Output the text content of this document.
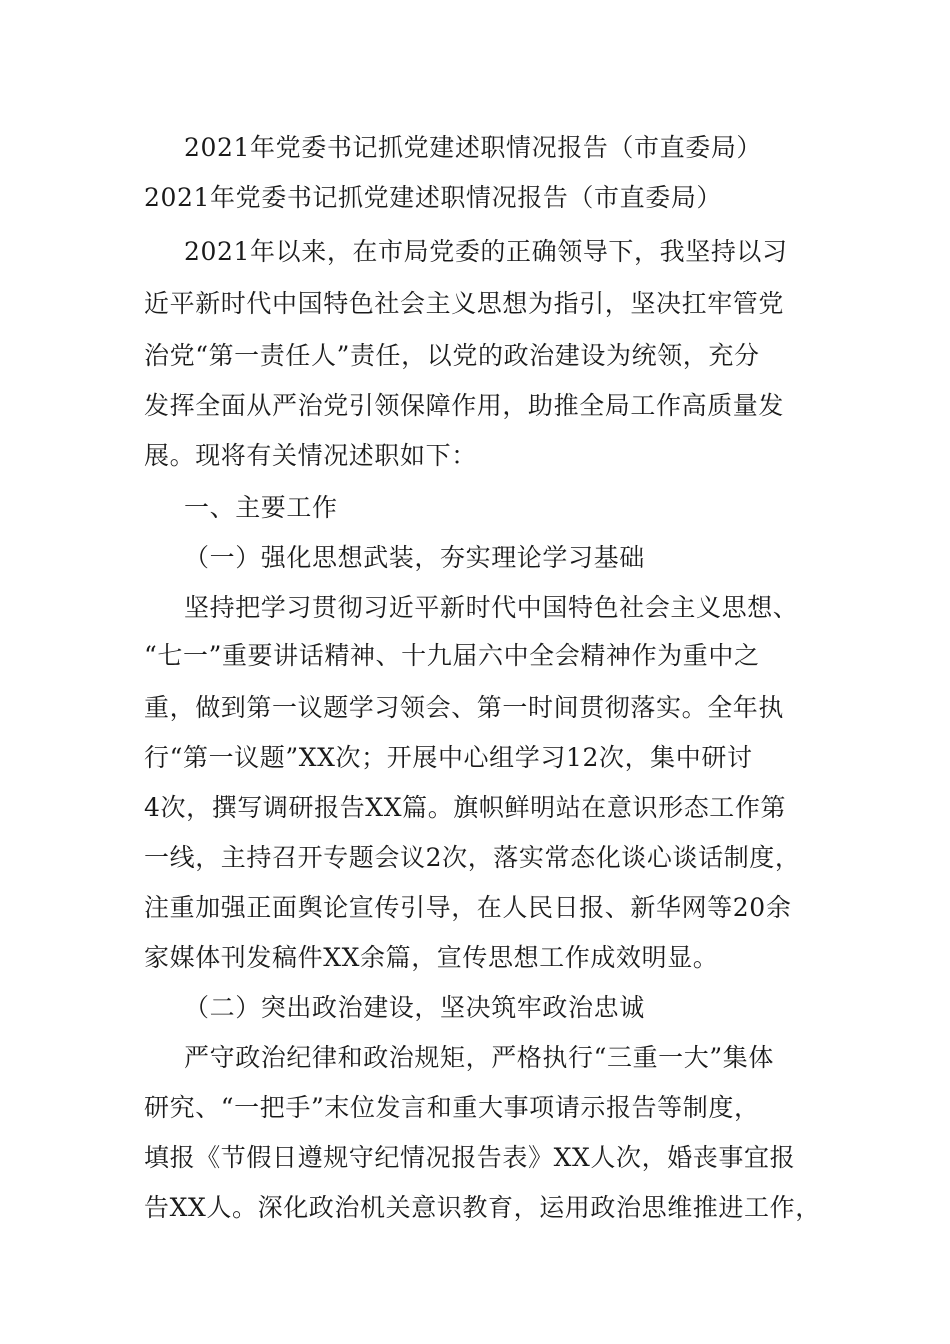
2021年党委书记抓党建述职情况报告（市直委局）
2021年党委书记抓党建述职情况报告（市直委局）
2021年以来，在市局党委的正确领导下，我坚持以习
近平新时代中国特色社会主义思想为指引，坚决扛牢管党
治党“第一责任人”责任，以党的政治建设为统领，充分
发挥全面从严治党引领保障作用，助推全局工作高质量发
展。现将有关情况述职如下：
一、主要工作
（一）强化思想武装，夯实理论学习基础
坚持把学习贯彻习近平新时代中国特色社会主义思想、
“七一”重要讲话精神、十九届六中全会精神作为重中之
重，做到第一议题学习领会、第一时间贯彻落实。全年执
行“第一议题”XX次；开展中心组学习12次，集中研讨
4次，撰写调研报告XX篇。旗帜鲜明站在意识形态工作第
一线，主持召开专题会议2次，落实常态化谈心谈话制度，
注重加强正面舆论宣传引导，在人民日报、新华网等20余
家媒体刊发稿件XX余篇，宣传思想工作成效明显。
（二）突出政治建设，坚决筑牢政治忠诚
严守政治纪律和政治规矩，严格执行“三重一大”集体
研究、“一把手”末位发言和重大事项请示报告等制度，
填报《节假日遵规守纪情况报告表》XX人次，婚丧事宜报
告XX人。深化政治机关意识教育，运用政治思维推进工作，
